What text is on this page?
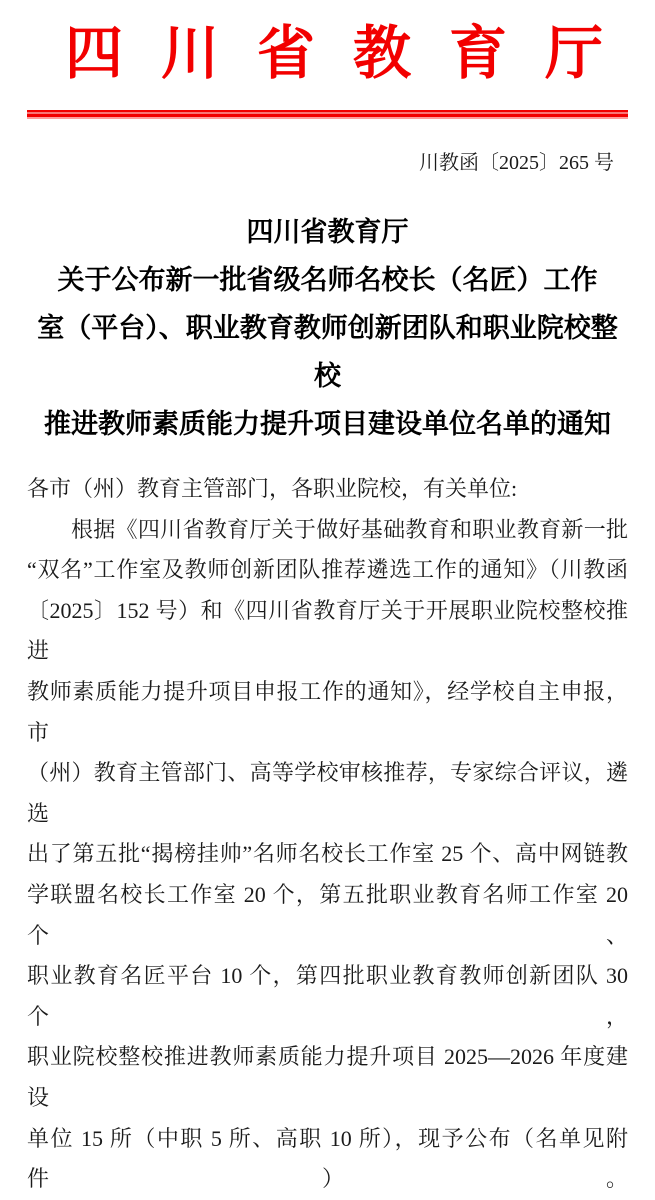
四川省教育厅
川教函〔2025〕265 号
四川省教育厅
关于公布新一批省级名师名校长（名匠）工作
室（平台）、职业教育教师创新团队和职业院校整校
推进教师素质能力提升项目建设单位名单的通知
各市（州）教育主管部门，各职业院校，有关单位:
根据《四川省教育厅关于做好基础教育和职业教育新一批
“双名”工作室及教师创新团队推荐遴选工作的通知》（川教函
〔2025〕152 号）和《四川省教育厅关于开展职业院校整校推进
教师素质能力提升项目申报工作的通知》，经学校自主申报，市
（州）教育主管部门、高等学校审核推荐，专家综合评议，遴选
出了第五批“揭榜挂帅”名师名校长工作室 25 个、高中网链教
学联盟名校长工作室 20 个，第五批职业教育名师工作室 20 个、
职业教育名匠平台 10 个，第四批职业教育教师创新团队 30 个，
职业院校整校推进教师素质能力提升项目 2025—2026 年度建设
单位 15 所（中职 5 所、高职 10 所），现予公布（名单见附件）。
